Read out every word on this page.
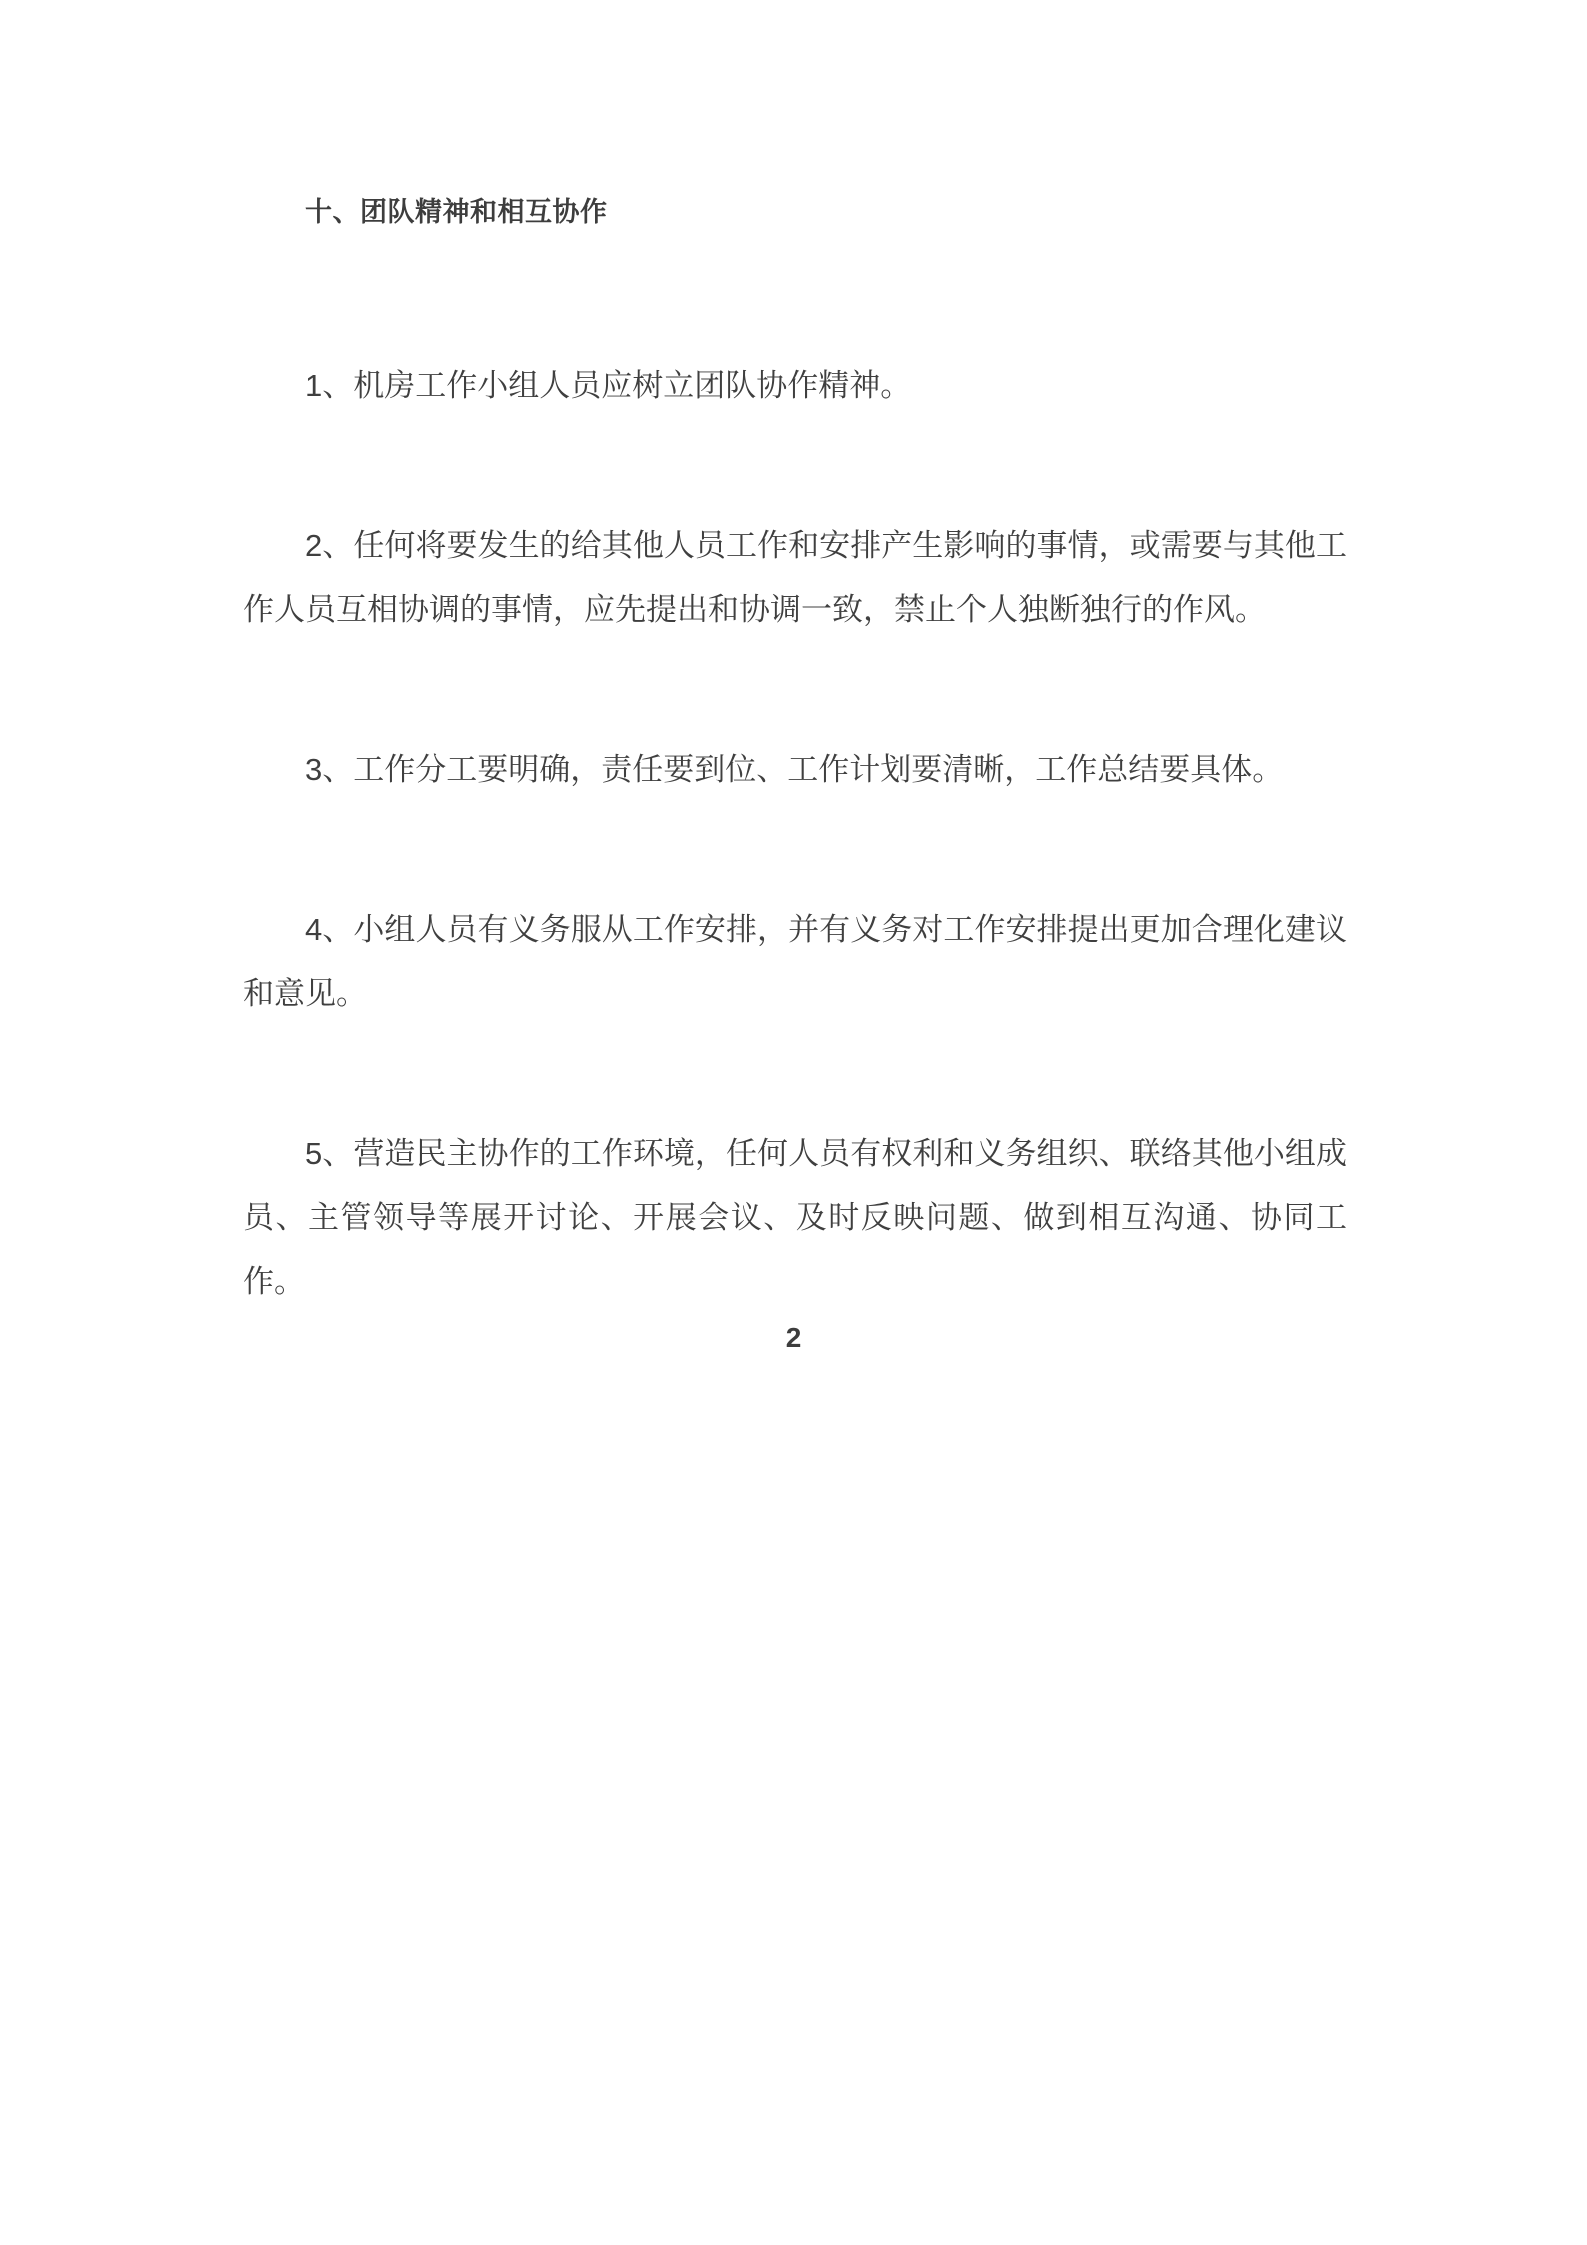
十、团队精神和相互协作

1、机房工作小组人员应树立团队协作精神。

2、任何将要发生的给其他人员工作和安排产生影响的事情，或需要与其他工作人员互相协调的事情，应先提出和协调一致，禁止个人独断独行的作风。

3、工作分工要明确，责任要到位、工作计划要清晰，工作总结要具体。

4、小组人员有义务服从工作安排，并有义务对工作安排提出更加合理化建议和意见。

5、营造民主协作的工作环境，任何人员有权利和义务组织、联络其他小组成员、主管领导等展开讨论、开展会议、及时反映问题、做到相互沟通、协同工作。

2
